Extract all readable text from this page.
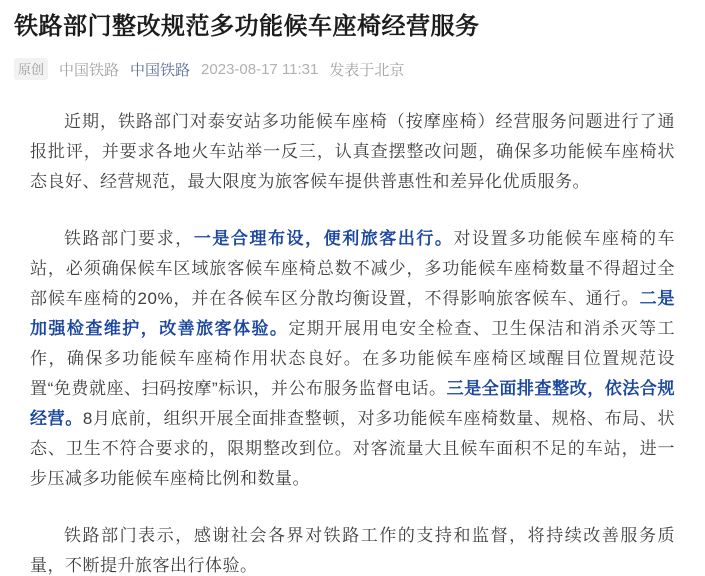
铁路部门整改规范多功能候车座椅经营服务
原创 中国铁路 中国铁路 2023-08-17 11:31 发表于北京

近期，铁路部门对泰安站多功能候车座椅（按摩座椅）经营服务问题进行了通报批评，并要求各地火车站举一反三，认真查摆整改问题，确保多功能候车座椅状态良好、经营规范，最大限度为旅客候车提供普惠性和差异化优质服务。

铁路部门要求，一是合理布设，便利旅客出行。对设置多功能候车座椅的车站，必须确保候车区域旅客候车座椅总数不减少，多功能候车座椅数量不得超过全部候车座椅的20%，并在各候车区分散均衡设置，不得影响旅客候车、通行。二是加强检查维护，改善旅客体验。定期开展用电安全检查、卫生保洁和消杀灭等工作，确保多功能候车座椅作用状态良好。在多功能候车座椅区域醒目位置规范设置“免费就座、扫码按摩”标识，并公布服务监督电话。三是全面排查整改，依法合规经营。8月底前，组织开展全面排查整顿，对多功能候车座椅数量、规格、布局、状态、卫生不符合要求的，限期整改到位。对客流量大且候车面积不足的车站，进一步压减多功能候车座椅比例和数量。

铁路部门表示，感谢社会各界对铁路工作的支持和监督，将持续改善服务质量，不断提升旅客出行体验。
